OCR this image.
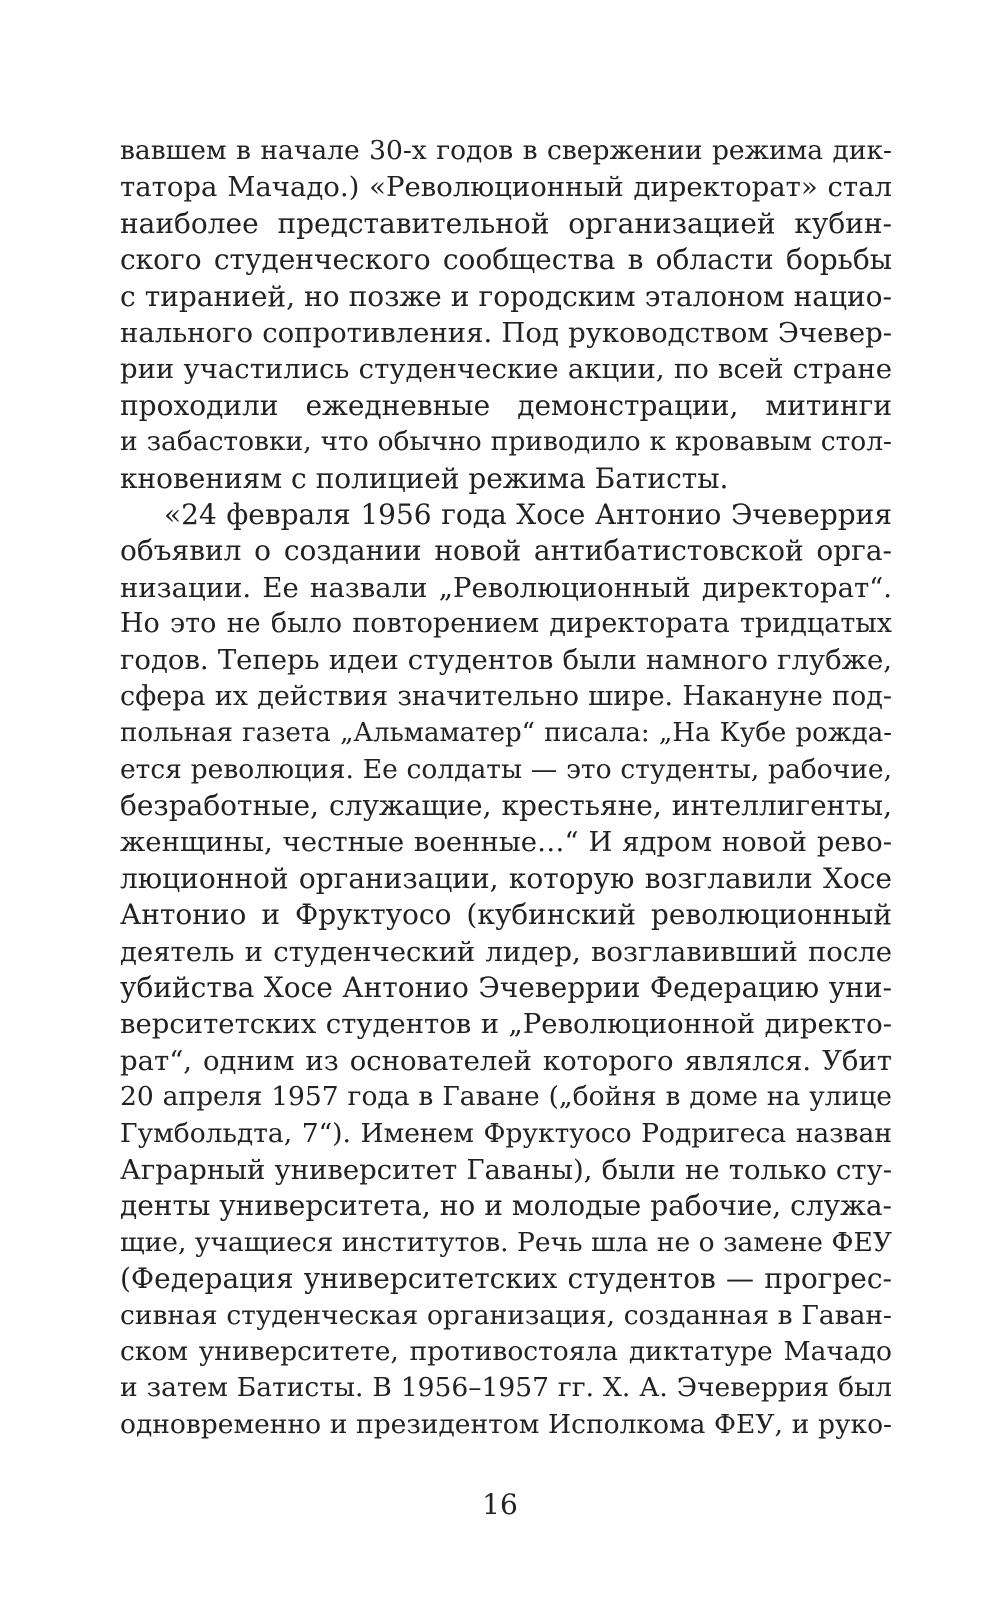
вавшем в начале 30-х годов в свержении режима дик-
татора Мачадо.) «Революционный директорат» стал
наиболее представительной организацией кубин-
ского студенческого сообщества в области борьбы
с тиранией, но позже и городским эталоном нацио-
нального сопротивления. Под руководством Эчевер-
рии участились студенческие акции, по всей стране
проходили ежедневные демонстрации, митинги
и забастовки, что обычно приводило к кровавым стол-
кновениям с полицией режима Батисты.
«24 февраля 1956 года Хосе Антонио Эчеверрия
объявил о создании новой антибатистовской орга-
низации. Ее назвали „Революционный директорат“.
Но это не было повторением директората тридцатых
годов. Теперь идеи студентов были намного глубже,
сфера их действия значительно шире. Накануне под-
польная газета „Альмаматер“ писала: „На Кубе рожда-
ется революция. Ее солдаты — это студенты, рабочие,
безработные, служащие, крестьяне, интеллигенты,
женщины, честные военные…“ И ядром новой рево-
люционной организации, которую возглавили Хосе
Антонио и Фруктуосо (кубинский революционный
деятель и студенческий лидер, возглавивший после
убийства Хосе Антонио Эчеверрии Федерацию уни-
верситетских студентов и „Революционной директо-
рат“, одним из основателей которого являлся. Убит
20 апреля 1957 года в Гаване („бойня в доме на улице
Гумбольдта, 7“). Именем Фруктуосо Родригеса назван
Аграрный университет Гаваны), были не только сту-
денты университета, но и молодые рабочие, служа-
щие, учащиеся институтов. Речь шла не о замене ФЕУ
(Федерация университетских студентов — прогрес-
сивная студенческая организация, созданная в Гаван-
ском университете, противостояла диктатуре Мачадо
и затем Батисты. В 1956–1957 гг. Х. А. Эчеверрия был
одновременно и президентом Исполкома ФЕУ, и руко-
16
